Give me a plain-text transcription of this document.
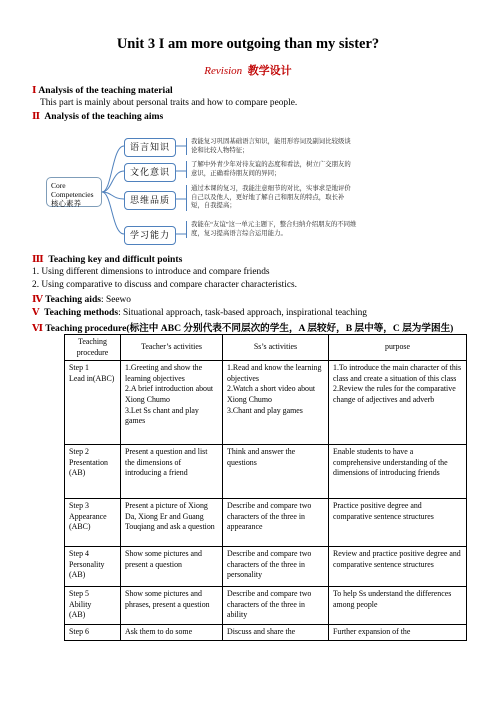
Unit 3 I am more outgoing than my sister?
Revision 教学设计
Ⅰ Analysis of the teaching material
This part is mainly about personal traits and how to compare people.
Ⅱ Analysis of the teaching aims
Core
Competencies
核心素养
语言知识
我能复习巩固基础语言知识，能用形容词及副词比较级谈论和比较人物特征；
文化意识
了解中外青少年对待友谊的态度和看法，树立广交朋友的意识，正确看待朋友间的异同；
思维品质
通过本课的复习，我能注意细节的对比，实事求是地评价自己以及他人，更好地了解自己和朋友的特点，取长补短，自我提高；
学习能力
我能在“友谊”这一单元主题下，整合归纳介绍朋友的不同维度，复习提高语言综合运用能力。
Ⅲ Teaching key and difficult points
1. Using different dimensions to introduce and compare friends
2. Using comparative to discuss and compare character characteristics.
Ⅳ Teaching aids: Seewo
Ⅴ Teaching methods: Situational approach, task-based approach, inspirational teaching
Ⅵ Teaching procedure(标注中 ABC 分别代表不同层次的学生，A 层较好，B 层中等，C 层为学困生)
Teaching procedure	Teacher’s activities	Ss’s activities	purpose
Step 1
Lead in(ABC)	1.Greeting and show the learning objectives
2.A brief introduction about Xiong Chumo
3.Let Ss chant and play games	1.Read and know the learning objectives
2.Watch a short video about Xiong Chumo
3.Chant and play games	1.To introduce the main character of this class and create a situation of this class
2.Review the rules for the comparative change of adjectives and adverb
Step 2
Presentation
(AB)	Present a question and list the dimensions of introducing a friend	Think and answer the questions	Enable students to have a comprehensive understanding of the dimensions of introducing friends
Step 3
Appearance
(ABC)	Present a picture of Xiong Da, Xiong Er and Guang Touqiang and ask a question	Describe and compare two characters of the three in appearance	Practice positive degree and comparative sentence structures
Step 4
Personality
(AB)	Show some pictures and present a question	Describe and compare two characters of the three in personality	Review and practice positive degree and comparative sentence structures
Step 5
Ability
(AB)	Show some pictures and phrases, present a question	Describe and compare two characters of the three in ability	To help Ss understand the differences among people
Step 6	Ask them to do some	Discuss and share the	Further expansion of the
